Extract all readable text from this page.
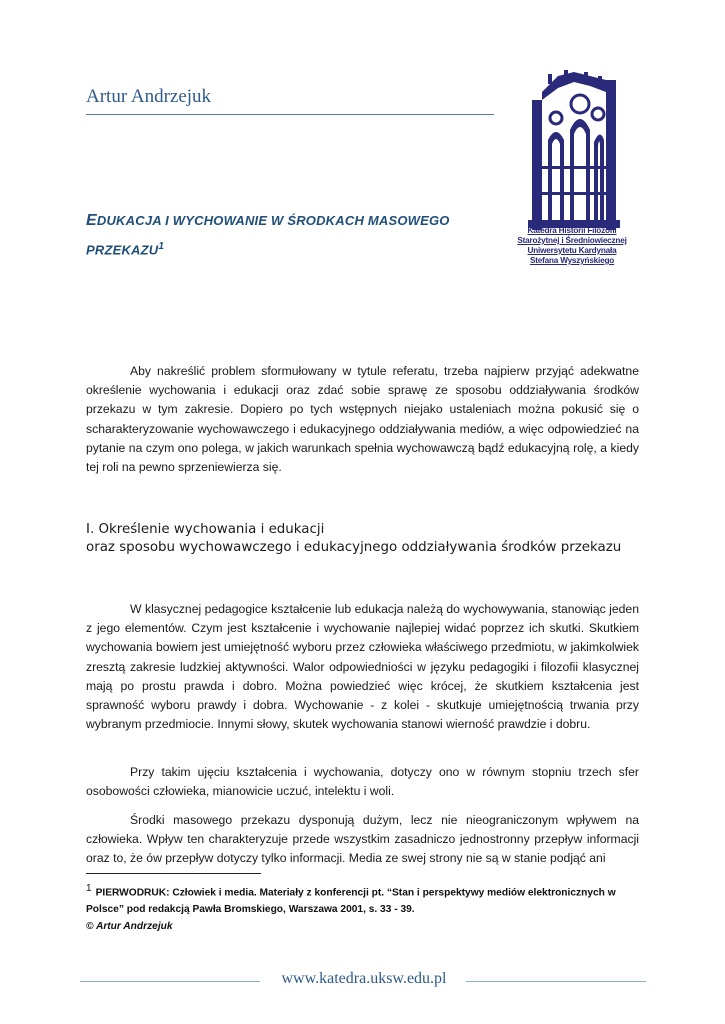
Artur Andrzejuk
Katedra Historii Filozofii
Starożytnej i Średniowiecznej
Uniwersytetu Kardynała
Stefana Wyszyńskiego
EDUKACJA I WYCHOWANIE W ŚRODKACH MASOWEGO
PRZEKAZU$^1$
Aby nakreślić problem sformułowany w tytule referatu, trzeba najpierw przyjąć adekwatne określenie wychowania i edukacji oraz zdać sobie sprawę ze sposobu oddziaływania środków przekazu w tym zakresie. Dopiero po tych wstępnych niejako ustaleniach można pokusić się o scharakteryzowanie wychowawczego i edukacyjnego oddziaływania mediów, a więc odpowiedzieć na pytanie na czym ono polega, w jakich warunkach spełnia wychowawczą bądź edukacyjną rolę, a kiedy tej roli na pewno sprzeniewierza się.
I. Określenie wychowania i edukacji
oraz sposobu wychowawczego i edukacyjnego oddziaływania środków przekazu
W klasycznej pedagogice kształcenie lub edukacja należą do wychowywania, stanowiąc jeden z jego elementów. Czym jest kształcenie i wychowanie najlepiej widać poprzez ich skutki. Skutkiem wychowania bowiem jest umiejętność wyboru przez człowieka właściwego przedmiotu, w jakimkolwiek zresztą zakresie ludzkiej aktywności. Walor odpowiedniości w języku pedagogiki i filozofii klasycznej mają po prostu prawda i dobro. Można powiedzieć więc krócej, że skutkiem kształcenia jest sprawność wyboru prawdy i dobra. Wychowanie - z kolei - skutkuje umiejętnością trwania przy wybranym przedmiocie. Innymi słowy, skutek wychowania stanowi wierność prawdzie i dobru.
Przy takim ujęciu kształcenia i wychowania, dotyczy ono w równym stopniu trzech sfer osobowości człowieka, mianowicie uczuć, intelektu i woli.
Środki masowego przekazu dysponują dużym, lecz nie nieograniczonym wpływem na człowieka. Wpływ ten charakteryzuje przede wszystkim zasadniczo jednostronny przepływ informacji oraz to, że ów przepływ dotyczy tylko informacji. Media ze swej strony nie są w stanie podjąć ani
$^1$ PIERWODRUK: Człowiek i media. Materiały z konferencji pt. “Stan i perspektywy mediów elektronicznych w Polsce” pod redakcją Pawła Bromskiego, Warszawa 2001, s. 33 - 39.
© Artur Andrzejuk
www.katedra.uksw.edu.pl
